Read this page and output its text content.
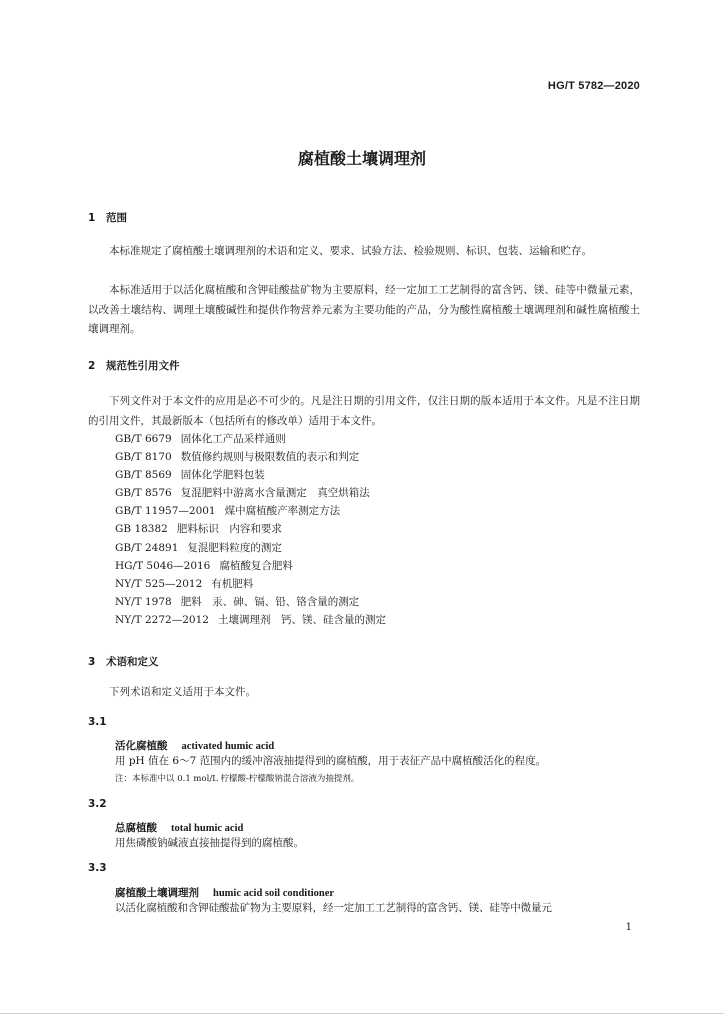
HG/T 5782—2020
腐植酸土壤调理剂
1 范围
本标准规定了腐植酸土壤调理剂的术语和定义、要求、试验方法、检验规则、标识、包装、运输和贮存。
本标准适用于以活化腐植酸和含钾硅酸盐矿物为主要原料，经一定加工工艺制得的富含钙、镁、硅等中微量元素，以改善土壤结构、调理土壤酸碱性和提供作物营养元素为主要功能的产品，分为酸性腐植酸土壤调理剂和碱性腐植酸土壤调理剂。
2 规范性引用文件
下列文件对于本文件的应用是必不可少的。凡是注日期的引用文件，仅注日期的版本适用于本文件。凡是不注日期的引用文件，其最新版本（包括所有的修改单）适用于本文件。
GB/T 6679 固体化工产品采样通则
GB/T 8170 数值修约规则与极限数值的表示和判定
GB/T 8569 固体化学肥料包装
GB/T 8576 复混肥料中游离水含量测定　真空烘箱法
GB/T 11957—2001 煤中腐植酸产率测定方法
GB 18382 肥料标识　内容和要求
GB/T 24891 复混肥料粒度的测定
HG/T 5046—2016 腐植酸复合肥料
NY/T 525—2012 有机肥料
NY/T 1978 肥料　汞、砷、镉、铅、铬含量的测定
NY/T 2272—2012 土壤调理剂　钙、镁、硅含量的测定
3 术语和定义
下列术语和定义适用于本文件。
3.1
活化腐植酸 activated humic acid
用 pH 值在 6～7 范围内的缓冲溶液抽提得到的腐植酸，用于表征产品中腐植酸活化的程度。
注：本标准中以 0.1 mol/L 柠檬酸-柠檬酸钠混合溶液为抽提剂。
3.2
总腐植酸 total humic acid
用焦磷酸钠碱液直接抽提得到的腐植酸。
3.3
腐植酸土壤调理剂 humic acid soil conditioner
以活化腐植酸和含钾硅酸盐矿物为主要原料，经一定加工工艺制得的富含钙、镁、硅等中微量元
1
